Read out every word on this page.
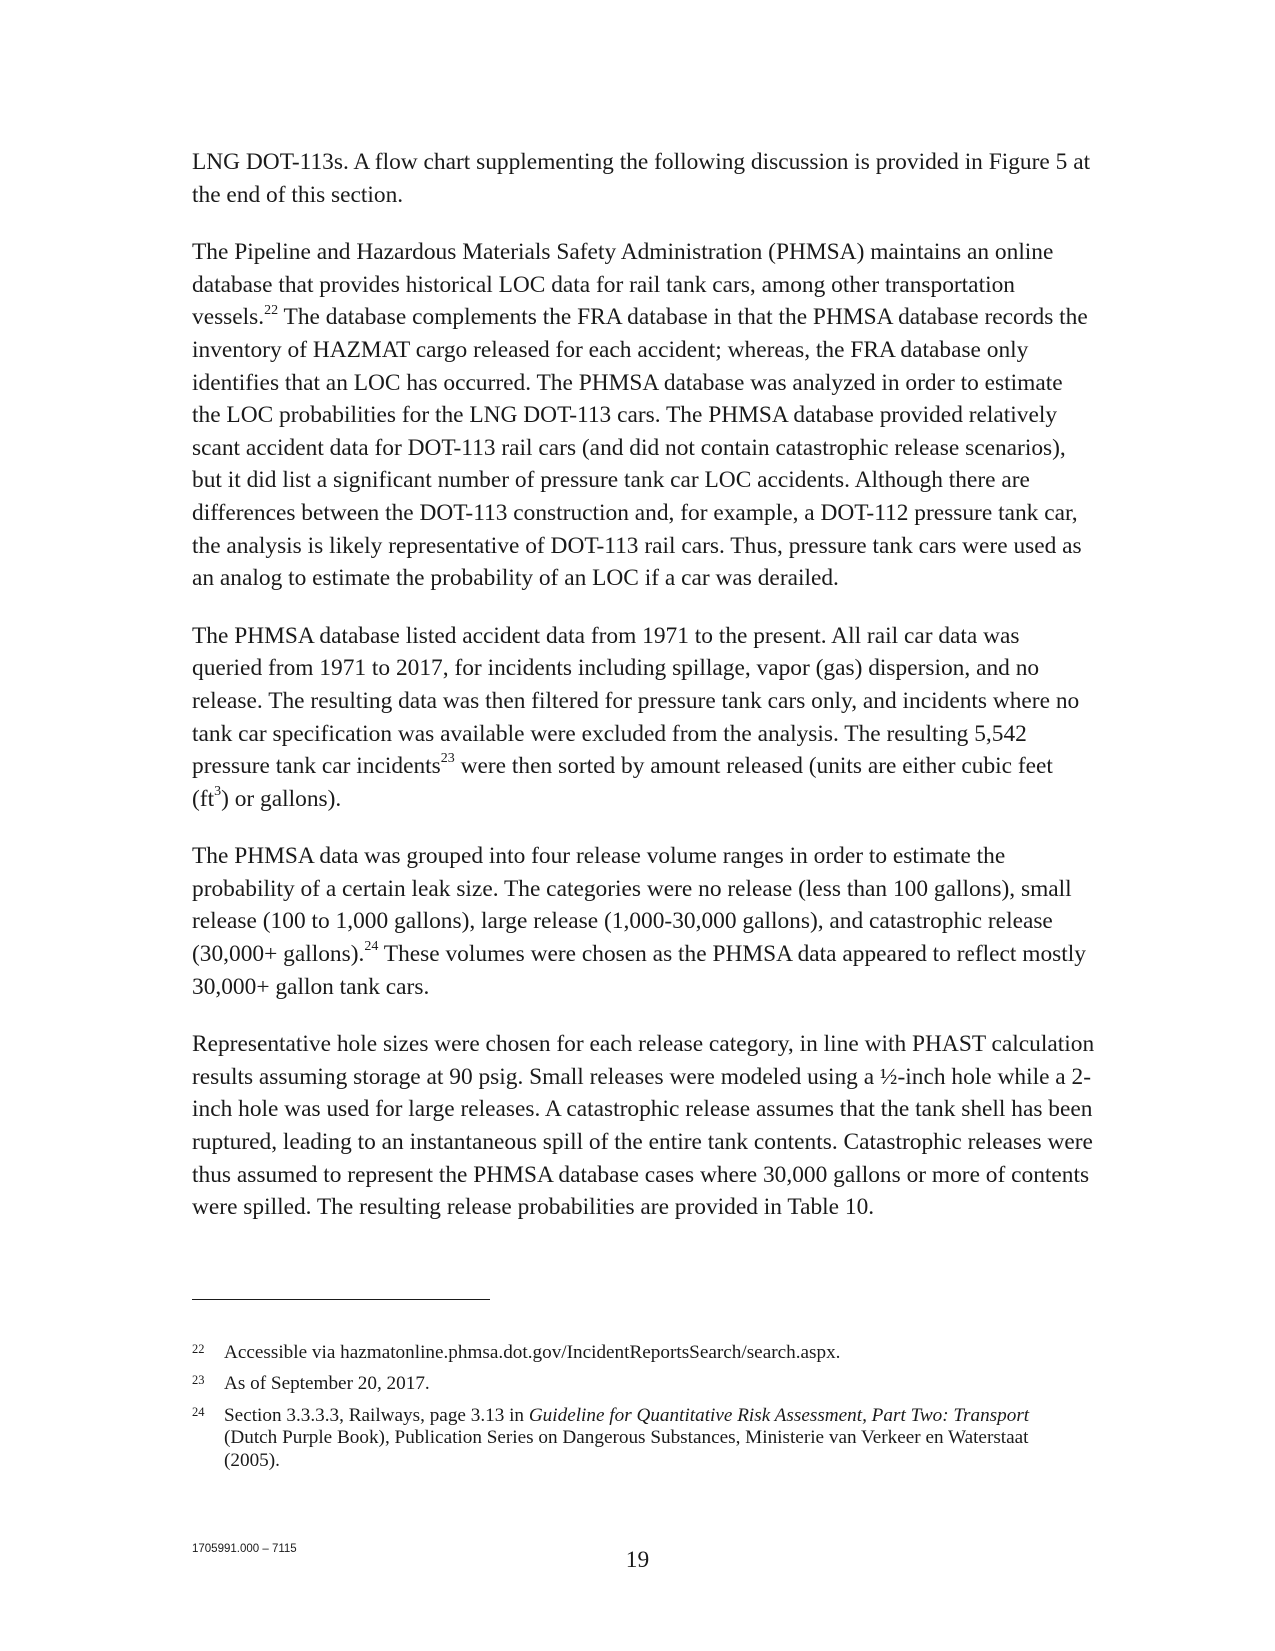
LNG DOT-113s. A flow chart supplementing the following discussion is provided in Figure 5 at
the end of this section.

The Pipeline and Hazardous Materials Safety Administration (PHMSA) maintains an online
database that provides historical LOC data for rail tank cars, among other transportation
vessels.$^{22}$ The database complements the FRA database in that the PHMSA database records the
inventory of HAZMAT cargo released for each accident; whereas, the FRA database only
identifies that an LOC has occurred. The PHMSA database was analyzed in order to estimate
the LOC probabilities for the LNG DOT-113 cars. The PHMSA database provided relatively
scant accident data for DOT-113 rail cars (and did not contain catastrophic release scenarios),
but it did list a significant number of pressure tank car LOC accidents. Although there are
differences between the DOT-113 construction and, for example, a DOT-112 pressure tank car,
the analysis is likely representative of DOT-113 rail cars. Thus, pressure tank cars were used as
an analog to estimate the probability of an LOC if a car was derailed.

The PHMSA database listed accident data from 1971 to the present. All rail car data was
queried from 1971 to 2017, for incidents including spillage, vapor (gas) dispersion, and no
release. The resulting data was then filtered for pressure tank cars only, and incidents where no
tank car specification was available were excluded from the analysis. The resulting 5,542
pressure tank car incidents$^{23}$ were then sorted by amount released (units are either cubic feet
$(ft^3)$ or gallons).

The PHMSA data was grouped into four release volume ranges in order to estimate the
probability of a certain leak size. The categories were no release (less than 100 gallons), small
release (100 to 1,000 gallons), large release (1,000-30,000 gallons), and catastrophic release
(30,000+ gallons).$^{24}$ These volumes were chosen as the PHMSA data appeared to reflect mostly
30,000+ gallon tank cars.

Representative hole sizes were chosen for each release category, in line with PHAST calculation
results assuming storage at 90 psig. Small releases were modeled using a ½-inch hole while a 2-
inch hole was used for large releases. A catastrophic release assumes that the tank shell has been
ruptured, leading to an instantaneous spill of the entire tank contents. Catastrophic releases were
thus assumed to represent the PHMSA database cases where 30,000 gallons or more of contents
were spilled. The resulting release probabilities are provided in Table 10.

22 Accessible via hazmatonline.phmsa.dot.gov/IncidentReportsSearch/search.aspx.
23 As of September 20, 2017.
24 Section 3.3.3.3, Railways, page 3.13 in Guideline for Quantitative Risk Assessment, Part Two: Transport
(Dutch Purple Book), Publication Series on Dangerous Substances, Ministerie van Verkeer en Waterstaat
(2005).
1705991.000 – 7115	19
